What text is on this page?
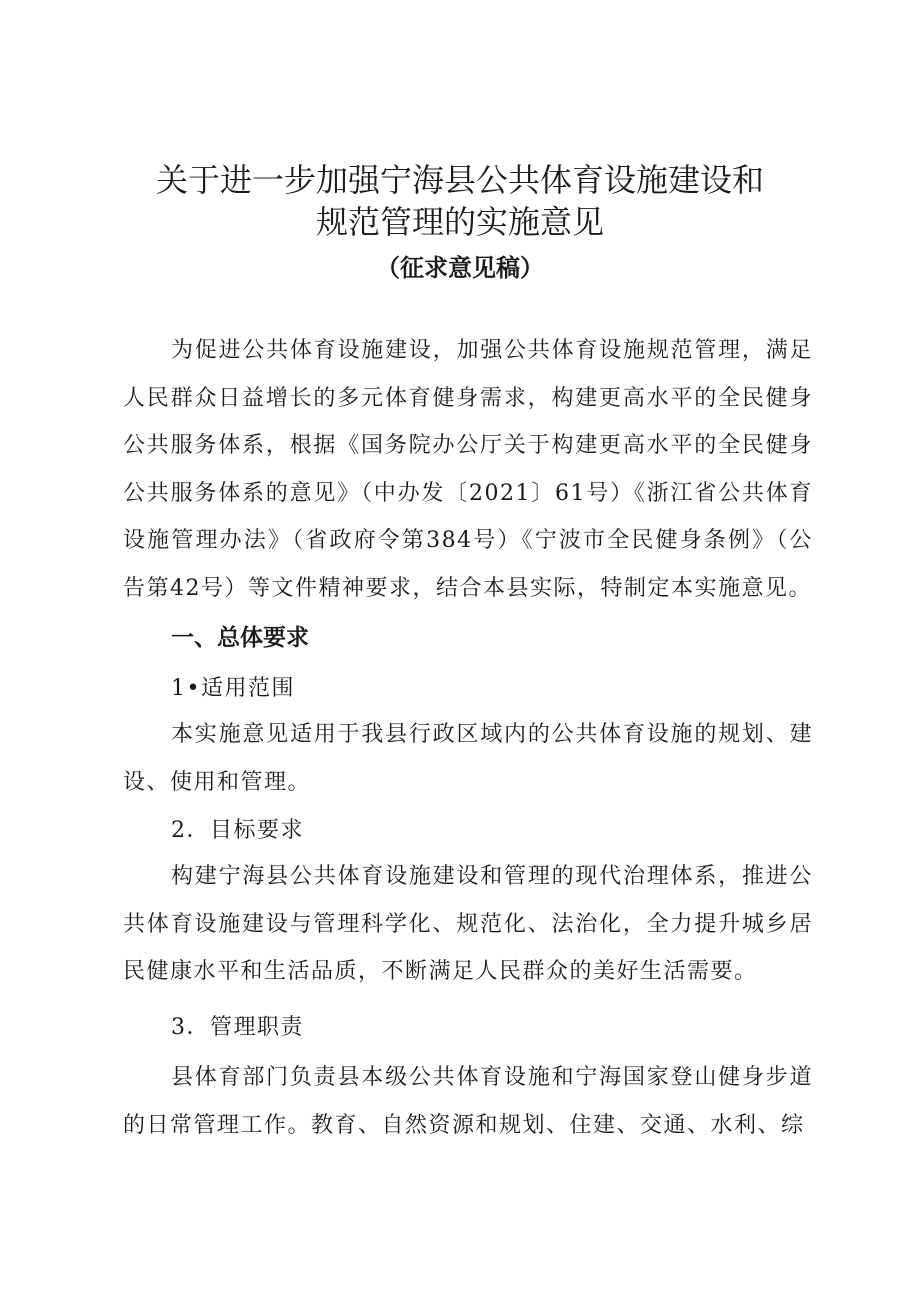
关于进一步加强宁海县公共体育设施建设和
规范管理的实施意见
（征求意见稿）

为促进公共体育设施建设，加强公共体育设施规范管理，满足人民群众日益增长的多元体育健身需求，构建更高水平的全民健身公共服务体系，根据《国务院办公厅关于构建更高水平的全民健身公共服务体系的意见》（中办发〔2021〕61号）《浙江省公共体育设施管理办法》（省政府令第384号）《宁波市全民健身条例》（公告第42号）等文件精神要求，结合本县实际，特制定本实施意见。

一、总体要求
1•适用范围

本实施意见适用于我县行政区域内的公共体育设施的规划、建设、使用和管理。

2．目标要求

构建宁海县公共体育设施建设和管理的现代治理体系，推进公共体育设施建设与管理科学化、规范化、法治化，全力提升城乡居民健康水平和生活品质，不断满足人民群众的美好生活需要。

3．管理职责

县体育部门负责县本级公共体育设施和宁海国家登山健身步道的日常管理工作。教育、自然资源和规划、住建、交通、水利、综
